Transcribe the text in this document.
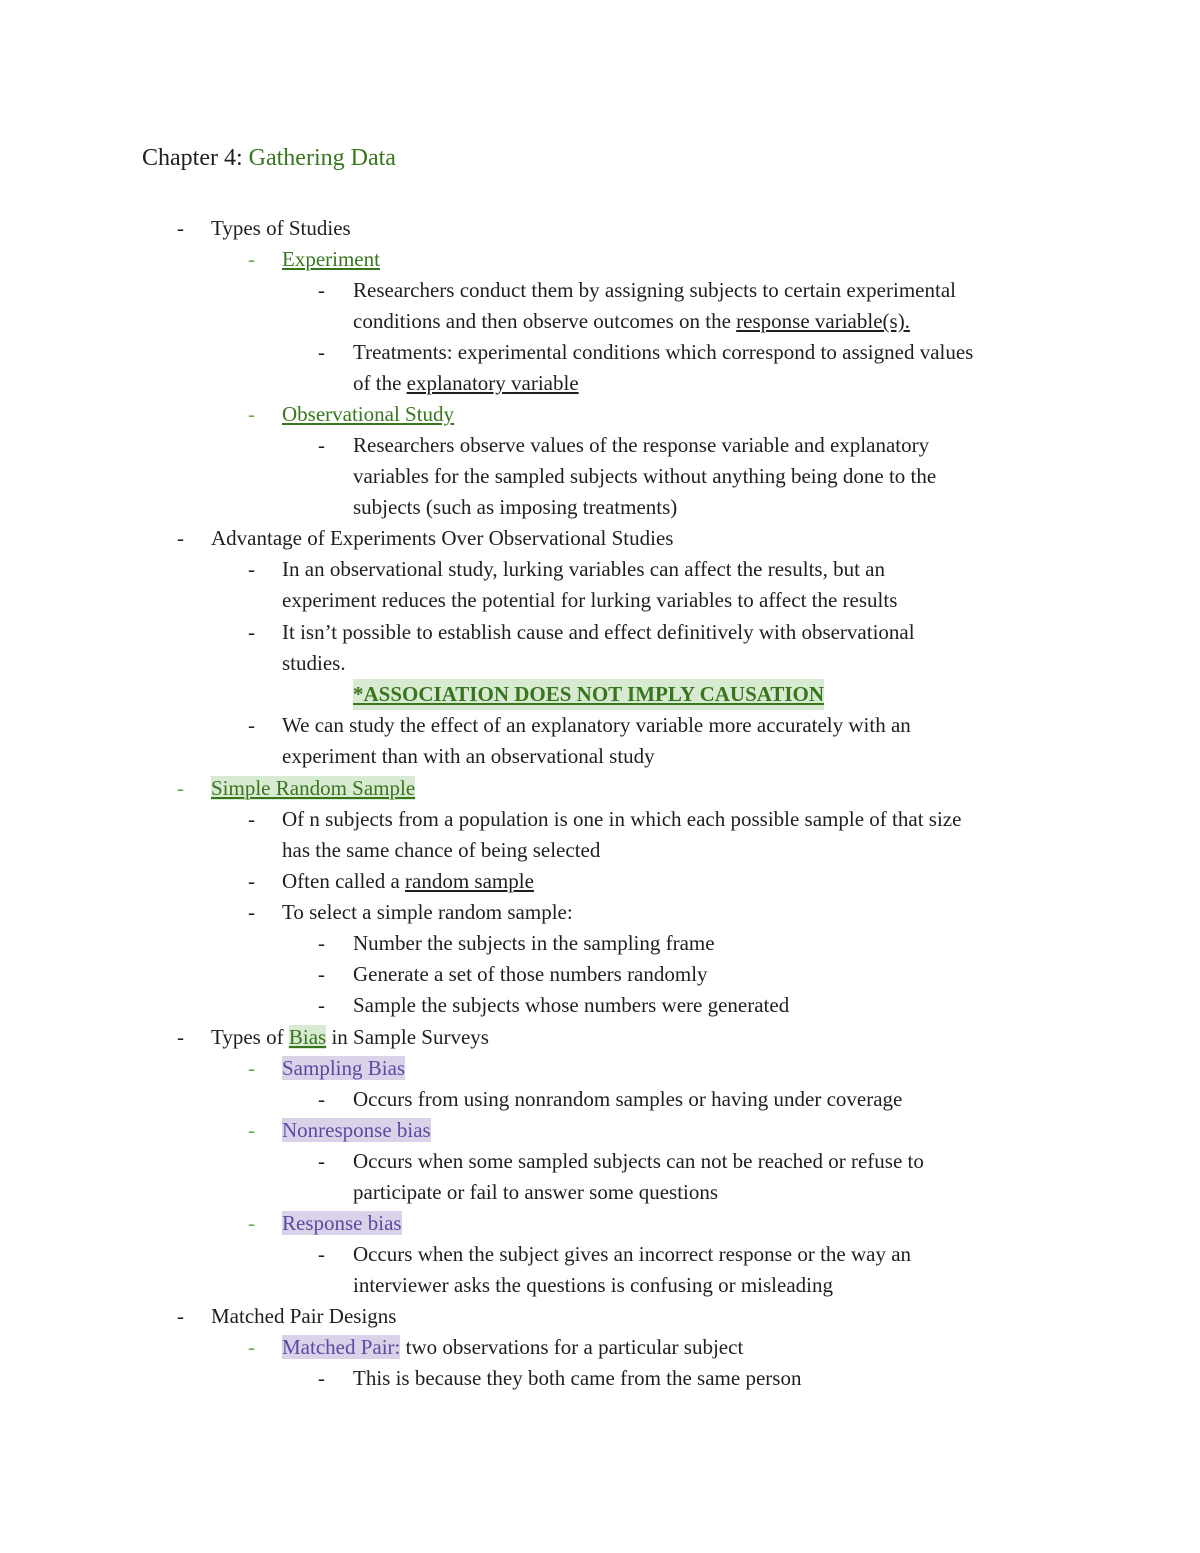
Chapter 4: Gathering Data
- Types of Studies
- Experiment
- Researchers conduct them by assigning subjects to certain experimental
conditions and then observe outcomes on the response variable(s).
- Treatments: experimental conditions which correspond to assigned values
of the explanatory variable
- Observational Study
- Researchers observe values of the response variable and explanatory
variables for the sampled subjects without anything being done to the
subjects (such as imposing treatments)
- Advantage of Experiments Over Observational Studies
- In an observational study, lurking variables can affect the results, but an
experiment reduces the potential for lurking variables to affect the results
- It isn’t possible to establish cause and effect definitively with observational
studies.
*ASSOCIATION DOES NOT IMPLY CAUSATION
- We can study the effect of an explanatory variable more accurately with an
experiment than with an observational study
- Simple Random Sample
- Of n subjects from a population is one in which each possible sample of that size
has the same chance of being selected
- Often called a random sample
- To select a simple random sample:
- Number the subjects in the sampling frame
- Generate a set of those numbers randomly
- Sample the subjects whose numbers were generated
- Types of Bias in Sample Surveys
- Sampling Bias
- Occurs from using nonrandom samples or having under coverage
- Nonresponse bias
- Occurs when some sampled subjects can not be reached or refuse to
participate or fail to answer some questions
- Response bias
- Occurs when the subject gives an incorrect response or the way an
interviewer asks the questions is confusing or misleading
- Matched Pair Designs
- Matched Pair: two observations for a particular subject
- This is because they both came from the same person
